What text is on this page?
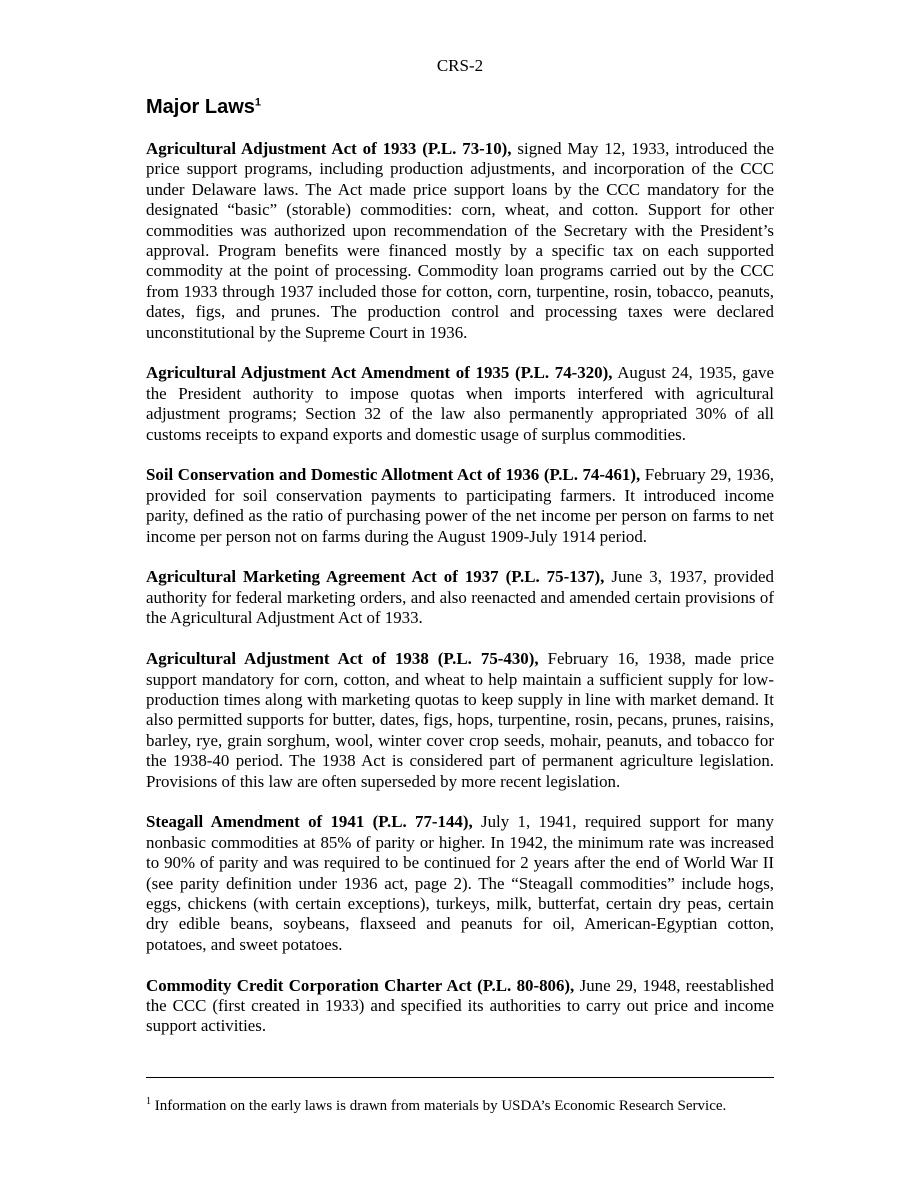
CRS-2
Major Laws$^1$

Agricultural Adjustment Act of 1933 (P.L. 73-10), signed May 12, 1933, introduced the price support programs, including production adjustments, and incorporation of the CCC under Delaware laws. The Act made price support loans by the CCC mandatory for the designated “basic” (storable) commodities: corn, wheat, and cotton. Support for other commodities was authorized upon recommendation of the Secretary with the President’s approval. Program benefits were financed mostly by a specific tax on each supported commodity at the point of processing. Commodity loan programs carried out by the CCC from 1933 through 1937 included those for cotton, corn, turpentine, rosin, tobacco, peanuts, dates, figs, and prunes. The production control and processing taxes were declared unconstitutional by the Supreme Court in 1936.

Agricultural Adjustment Act Amendment of 1935 (P.L. 74-320), August 24, 1935, gave the President authority to impose quotas when imports interfered with agricultural adjustment programs; Section 32 of the law also permanently appropriated 30% of all customs receipts to expand exports and domestic usage of surplus commodities.

Soil Conservation and Domestic Allotment Act of 1936 (P.L. 74-461), February 29, 1936, provided for soil conservation payments to participating farmers. It introduced income parity, defined as the ratio of purchasing power of the net income per person on farms to net income per person not on farms during the August 1909-July 1914 period.

Agricultural Marketing Agreement Act of 1937 (P.L. 75-137), June 3, 1937, provided authority for federal marketing orders, and also reenacted and amended certain provisions of the Agricultural Adjustment Act of 1933.

Agricultural Adjustment Act of 1938 (P.L. 75-430), February 16, 1938, made price support mandatory for corn, cotton, and wheat to help maintain a sufficient supply for low-production times along with marketing quotas to keep supply in line with market demand. It also permitted supports for butter, dates, figs, hops, turpentine, rosin, pecans, prunes, raisins, barley, rye, grain sorghum, wool, winter cover crop seeds, mohair, peanuts, and tobacco for the 1938-40 period. The 1938 Act is considered part of permanent agriculture legislation. Provisions of this law are often superseded by more recent legislation.

Steagall Amendment of 1941 (P.L. 77-144), July 1, 1941, required support for many nonbasic commodities at 85% of parity or higher. In 1942, the minimum rate was increased to 90% of parity and was required to be continued for 2 years after the end of World War II (see parity definition under 1936 act, page 2). The “Steagall commodities” include hogs, eggs, chickens (with certain exceptions), turkeys, milk, butterfat, certain dry peas, certain dry edible beans, soybeans, flaxseed and peanuts for oil, American-Egyptian cotton, potatoes, and sweet potatoes.

Commodity Credit Corporation Charter Act (P.L. 80-806), June 29, 1948, reestablished the CCC (first created in 1933) and specified its authorities to carry out price and income support activities.

$^1$ Information on the early laws is drawn from materials by USDA’s Economic Research Service.
